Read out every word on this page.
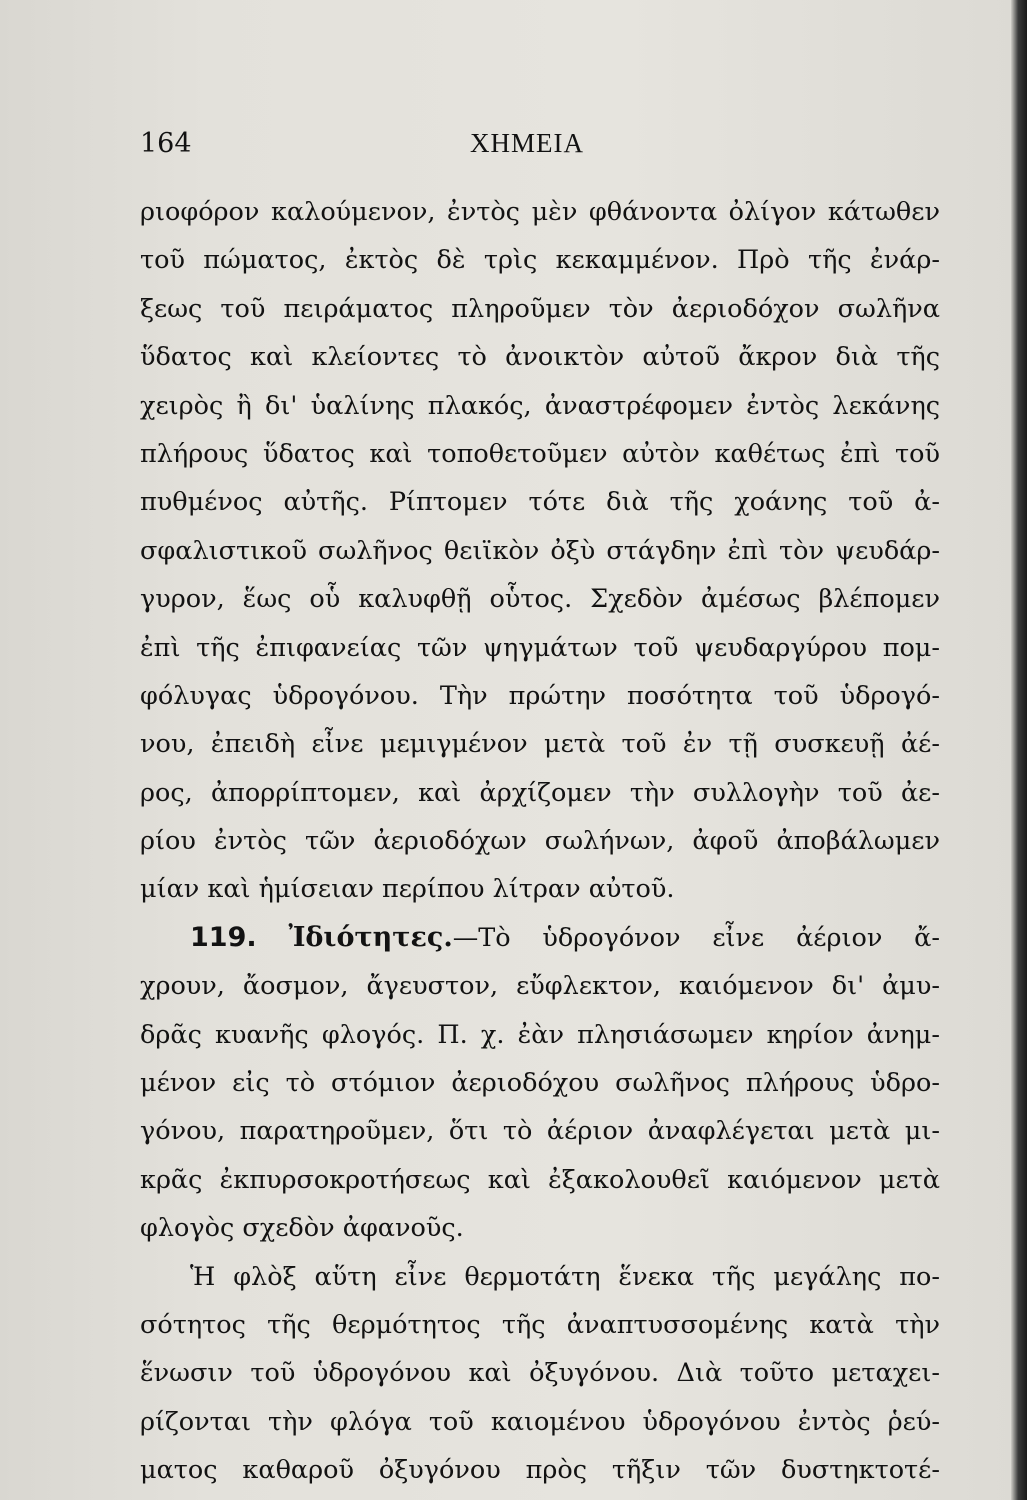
164	ΧΗΜΕΙΑ
ριοφόρον καλούμενον, ἐντὸς μὲν φθάνοντα ὀλίγον κάτωθεν
τοῦ πώματος, ἐκτὸς δὲ τρὶς κεκαμμένον. Πρὸ τῆς ἐνάρ-
ξεως τοῦ πειράματος πληροῦμεν τὸν ἀεριοδόχον σωλῆνα
ὕδατος καὶ κλείοντες τὸ ἀνοικτὸν αὐτοῦ ἄκρον διὰ τῆς
χειρὸς ἢ δι' ὑαλίνης πλακός, ἀναστρέφομεν ἐντὸς λεκάνης
πλήρους ὕδατος καὶ τοποθετοῦμεν αὐτὸν καθέτως ἐπὶ τοῦ
πυθμένος αὐτῆς. Ρίπτομεν τότε διὰ τῆς χοάνης τοῦ ἀ-
σφαλιστικοῦ σωλῆνος θειϊκὸν ὀξὺ στάγδην ἐπὶ τὸν ψευδάρ-
γυρον, ἕως οὗ καλυφθῇ οὗτος. Σχεδὸν ἀμέσως βλέπομεν
ἐπὶ τῆς ἐπιφανείας τῶν ψηγμάτων τοῦ ψευδαργύρου πομ-
φόλυγας ὑδρογόνου. Τὴν πρώτην ποσότητα τοῦ ὑδρογό-
νου, ἐπειδὴ εἶνε μεμιγμένον μετὰ τοῦ ἐν τῇ συσκευῇ ἀέ-
ρος, ἀπορρίπτομεν, καὶ ἀρχίζομεν τὴν συλλογὴν τοῦ ἀε-
ρίου ἐντὸς τῶν ἀεριοδόχων σωλήνων, ἀφοῦ ἀποβάλωμεν
μίαν καὶ ἡμίσειαν περίπου λίτραν αὐτοῦ.
119. Ἰδιότητες.—Τὸ ὑδρογόνον εἶνε ἀέριον ἄ-
χρουν, ἄοσμον, ἄγευστον, εὔφλεκτον, καιόμενον δι' ἀμυ-
δρᾶς κυανῆς φλογός. Π. χ. ἐὰν πλησιάσωμεν κηρίον ἀνημ-
μένον εἰς τὸ στόμιον ἀεριοδόχου σωλῆνος πλήρους ὑδρο-
γόνου, παρατηροῦμεν, ὅτι τὸ ἀέριον ἀναφλέγεται μετὰ μι-
κρᾶς ἐκπυρσοκροτήσεως καὶ ἐξακολουθεῖ καιόμενον μετὰ
φλογὸς σχεδὸν ἀφανοῦς.
Ἡ φλὸξ αὕτη εἶνε θερμοτάτη ἕνεκα τῆς μεγάλης πο-
σότητος τῆς θερμότητος τῆς ἀναπτυσσομένης κατὰ τὴν
ἕνωσιν τοῦ ὑδρογόνου καὶ ὀξυγόνου. Διὰ τοῦτο μεταχει-
ρίζονται τὴν φλόγα τοῦ καιομένου ὑδρογόνου ἐντὸς ῥεύ-
ματος καθαροῦ ὀξυγόνου πρὸς τῆξιν τῶν δυστηκτοτέ-
